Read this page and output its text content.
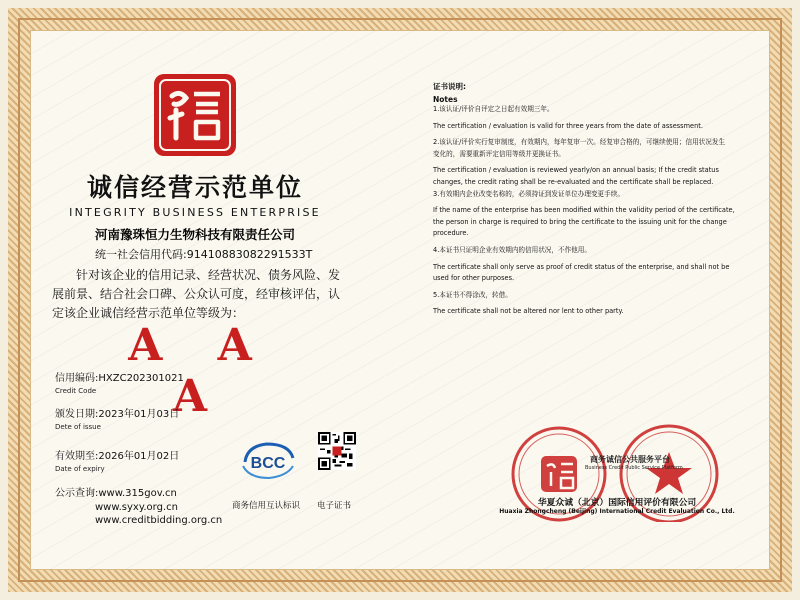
诚信经营示范单位
INTEGRITY BUSINESS ENTERPRISE
河南豫珠恒力生物科技有限责任公司
统一社会信用代码:91410883082291533T
针对该企业的信用记录、经营状况、债务风险、发展前景、结合社会口碑、公众认可度，经审核评估，认定该企业诚信经营示范单位等级为：
A A A
信用编码:HXZC202301021
Credit Code
颁发日期:2023年01月03日
Dete of issue
有效期至:2026年01月02日
Date of expiry
公示查询:www.315gov.cn
www.syxy.org.cn
www.creditbidding.org.cn
BCC
商务信用互认标识 电子证书
证书说明:
Notes

1.该认证/评价自评定之日起有效期三年。

The certification / evaluation is valid for three years from the date of assessment.

2.该认证/评价实行复审制度，有效期内，每年复审一次。经复审合格的，可继续使用；信用状况发生

变化的，需要重新评定信用等级并更换证书。

The certification / evaluation is reviewed yearly/on an annual basis; If the credit status

changes, the credit rating shall be re-evaluated and the certificate shall be replaced.

3.有效期内企业改变名称的，必须持证到发证单位办理变更手续。

If the name of the enterprise has been modified within the validity period of the certificate,

the person in charge is required to bring the certificate to the issuing unit for the change

procedure.

4.本证书只证明企业有效期内的信用状况，不作他用。

The certificate shall only serve as proof of credit status of the enterprise, and shall not be

used for other purposes.

5.本证书不得涂改，转借。

The certificate shall not be altered nor lent to other party.

商务诚信公共服务平台
Business Credit Public Service Platform
华夏众诚（北京）国际信用评价有限公司
Huaxia Zhongcheng (Beijing) International Credit Evaluation Co., Ltd.
